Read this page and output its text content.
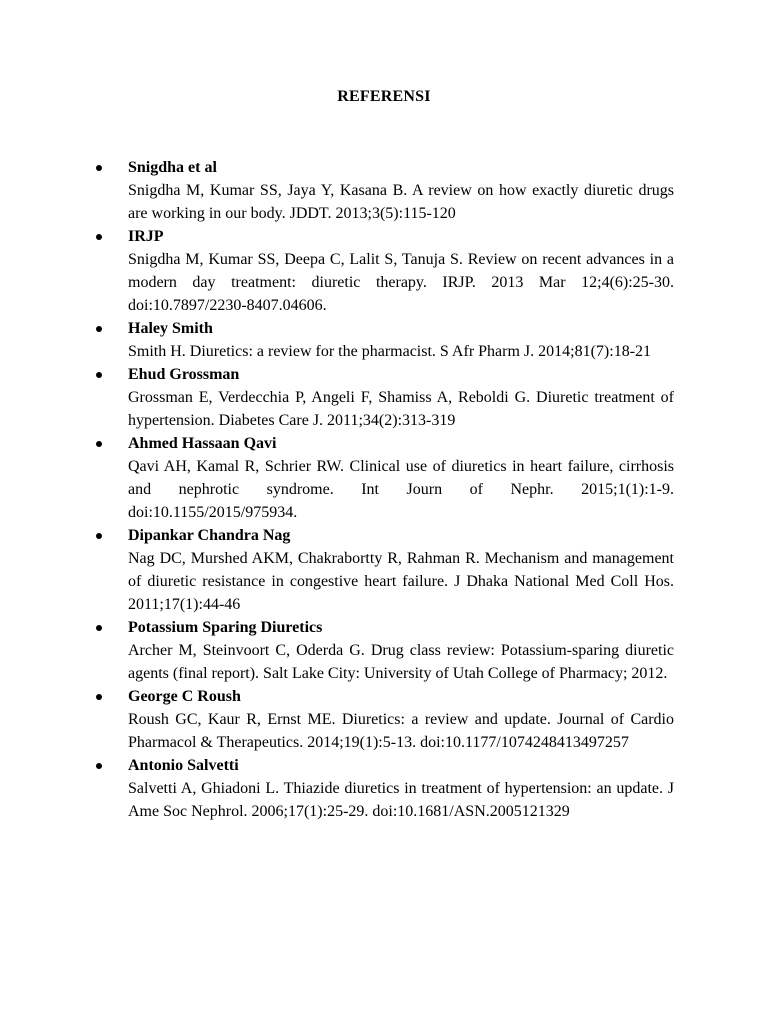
REFERENSI
Snigdha et al
Snigdha M, Kumar SS, Jaya Y, Kasana B. A review on how exactly diuretic drugs are working in our body. JDDT. 2013;3(5):115-120
IRJP
Snigdha M, Kumar SS, Deepa C, Lalit S, Tanuja S. Review on recent advances in a modern day treatment: diuretic therapy. IRJP. 2013 Mar 12;4(6):25-30. doi:10.7897/2230-8407.04606.
Haley Smith
Smith H. Diuretics: a review for the pharmacist. S Afr Pharm J. 2014;81(7):18-21
Ehud Grossman
Grossman E, Verdecchia P, Angeli F, Shamiss A, Reboldi G. Diuretic treatment of hypertension. Diabetes Care J. 2011;34(2):313-319
Ahmed Hassaan Qavi
Qavi AH, Kamal R, Schrier RW. Clinical use of diuretics in heart failure, cirrhosis and nephrotic syndrome. Int Journ of Nephr. 2015;1(1):1-9. doi:10.1155/2015/975934.
Dipankar Chandra Nag
Nag DC, Murshed AKM, Chakrabortty R, Rahman R. Mechanism and management of diuretic resistance in congestive heart failure. J Dhaka National Med Coll Hos. 2011;17(1):44-46
Potassium Sparing Diuretics
Archer M, Steinvoort C, Oderda G. Drug class review: Potassium-sparing diuretic agents (final report). Salt Lake City: University of Utah College of Pharmacy; 2012.
George C Roush
Roush GC, Kaur R, Ernst ME. Diuretics: a review and update. Journal of Cardio Pharmacol & Therapeutics. 2014;19(1):5-13. doi:10.1177/1074248413497257
Antonio Salvetti
Salvetti A, Ghiadoni L. Thiazide diuretics in treatment of hypertension: an update. J Ame Soc Nephrol. 2006;17(1):25-29. doi:10.1681/ASN.2005121329
